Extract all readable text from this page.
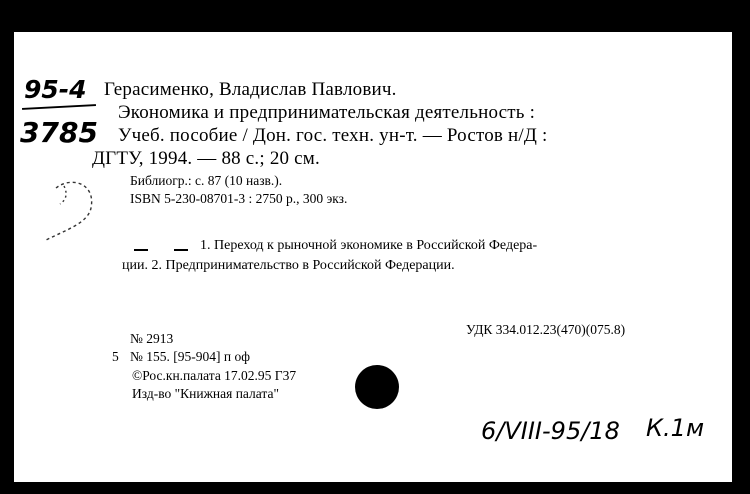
95-4
3785
Герасименко, Владислав Павлович.
Экономика и предпринимательская деятельность :
Учеб. пособие / Дон. гос. техн. ун-т. — Ростов н/Д :
ДГТУ, 1994. — 88 с.; 20 см.
Библиогр.: с. 87 (10 назв.).
ISBN 5-230-08701-3 : 2750 р., 300 экз.
1. Переход к рыночной экономике в Российской Федера-
ции. 2. Предпринимательство в Российской Федерации.
№ 2913
5 № 155. [95-904] п оф
©Рос.кн.палата 17.02.95 Г37
Изд-во "Книжная палата"
УДК 334.012.23(470)(075.8)
6/VIII-95/18 К.1м
